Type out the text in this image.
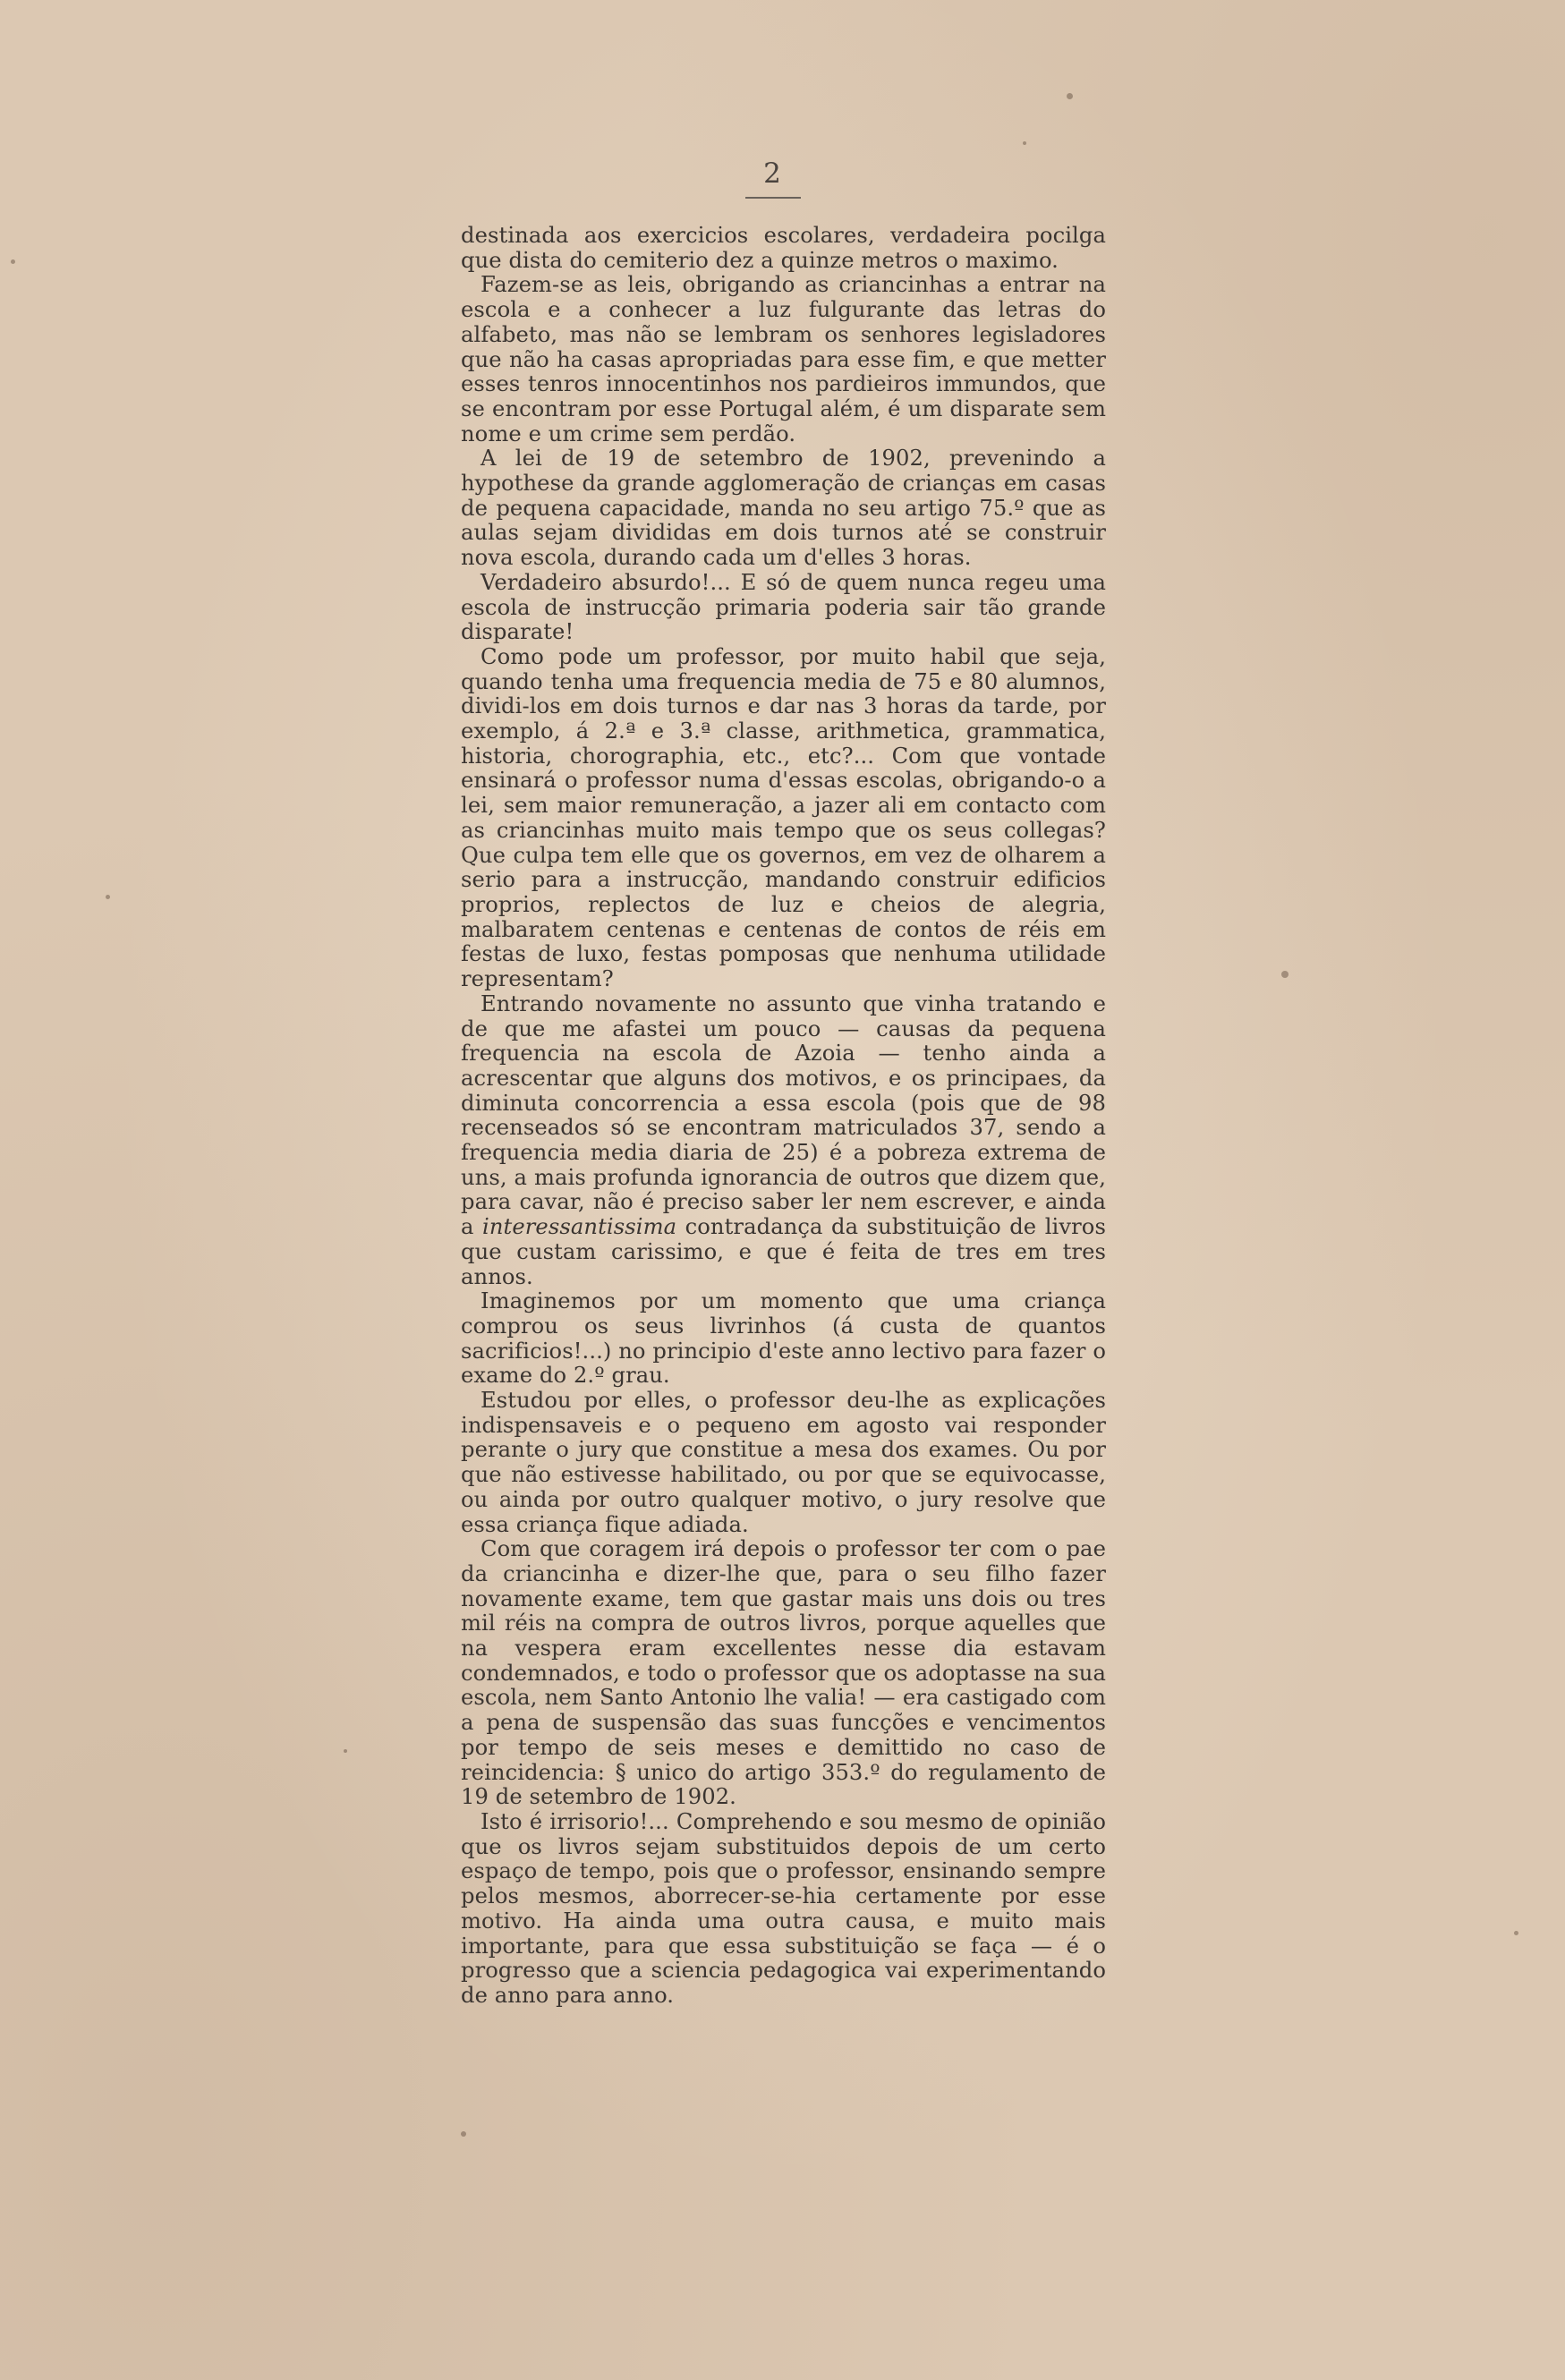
2

destinada aos exercicios escolares, verdadeira pocilga que dista do cemiterio dez a quinze metros o maximo.

Fazem-se as leis, obrigando as criancinhas a entrar na escola e a conhecer a luz fulgurante das letras do alfabeto, mas não se lembram os senhores legisladores que não ha casas apropriadas para esse fim, e que metter esses tenros innocentinhos nos pardieiros immundos, que se encontram por esse Portugal além, é um disparate sem nome e um crime sem perdão.

A lei de 19 de setembro de 1902, prevenindo a hypothese da grande agglomeração de crianças em casas de pequena capacidade, manda no seu artigo 75.º que as aulas sejam divididas em dois turnos até se construir nova escola, durando cada um d'elles 3 horas.

Verdadeiro absurdo!... E só de quem nunca regeu uma escola de instrucção primaria poderia sair tão grande disparate!

Como pode um professor, por muito habil que seja, quando tenha uma frequencia media de 75 e 80 alumnos, dividi-los em dois turnos e dar nas 3 horas da tarde, por exemplo, á 2.ª e 3.ª classe, arithmetica, grammatica, historia, chorographia, etc., etc?... Com que vontade ensinará o professor numa d'essas escolas, obrigando-o a lei, sem maior remuneração, a jazer ali em contacto com as criancinhas muito mais tempo que os seus collegas? Que culpa tem elle que os governos, em vez de olharem a serio para a instrucção, mandando construir edificios proprios, replectos de luz e cheios de alegria, malbaratem centenas e centenas de contos de réis em festas de luxo, festas pomposas que nenhuma utilidade representam?

Entrando novamente no assunto que vinha tratando e de que me afastei um pouco — causas da pequena frequencia na escola de Azoia — tenho ainda a acrescentar que alguns dos motivos, e os principaes, da diminuta concorrencia a essa escola (pois que de 98 recenseados só se encontram matriculados 37, sendo a frequencia media diaria de 25) é a pobreza extrema de uns, a mais profunda ignorancia de outros que dizem que, para cavar, não é preciso saber ler nem escrever, e ainda a interessantissima contradança da substituição de livros que custam carissimo, e que é feita de tres em tres annos.

Imaginemos por um momento que uma criança comprou os seus livrinhos (á custa de quantos sacrificios!...) no principio d'este anno lectivo para fazer o exame do 2.º grau.

Estudou por elles, o professor deu-lhe as explicações indispensaveis e o pequeno em agosto vai responder perante o jury que constitue a mesa dos exames. Ou por que não estivesse habilitado, ou por que se equivocasse, ou ainda por outro qualquer motivo, o jury resolve que essa criança fique adiada.

Com que coragem irá depois o professor ter com o pae da criancinha e dizer-lhe que, para o seu filho fazer novamente exame, tem que gastar mais uns dois ou tres mil réis na compra de outros livros, porque aquelles que na vespera eram excellentes nesse dia estavam condemnados, e todo o professor que os adoptasse na sua escola, nem Santo Antonio lhe valia! — era castigado com a pena de suspensão das suas funcções e vencimentos por tempo de seis meses e demittido no caso de reincidencia: § unico do artigo 353.º do regulamento de 19 de setembro de 1902.

Isto é irrisorio!... Comprehendo e sou mesmo de opinião que os livros sejam substituidos depois de um certo espaço de tempo, pois que o professor, ensinando sempre pelos mesmos, aborrecer-se-hia certamente por esse motivo. Ha ainda uma outra causa, e muito mais importante, para que essa substituição se faça — é o progresso que a sciencia pedagogica vai experimentando de anno para anno.
